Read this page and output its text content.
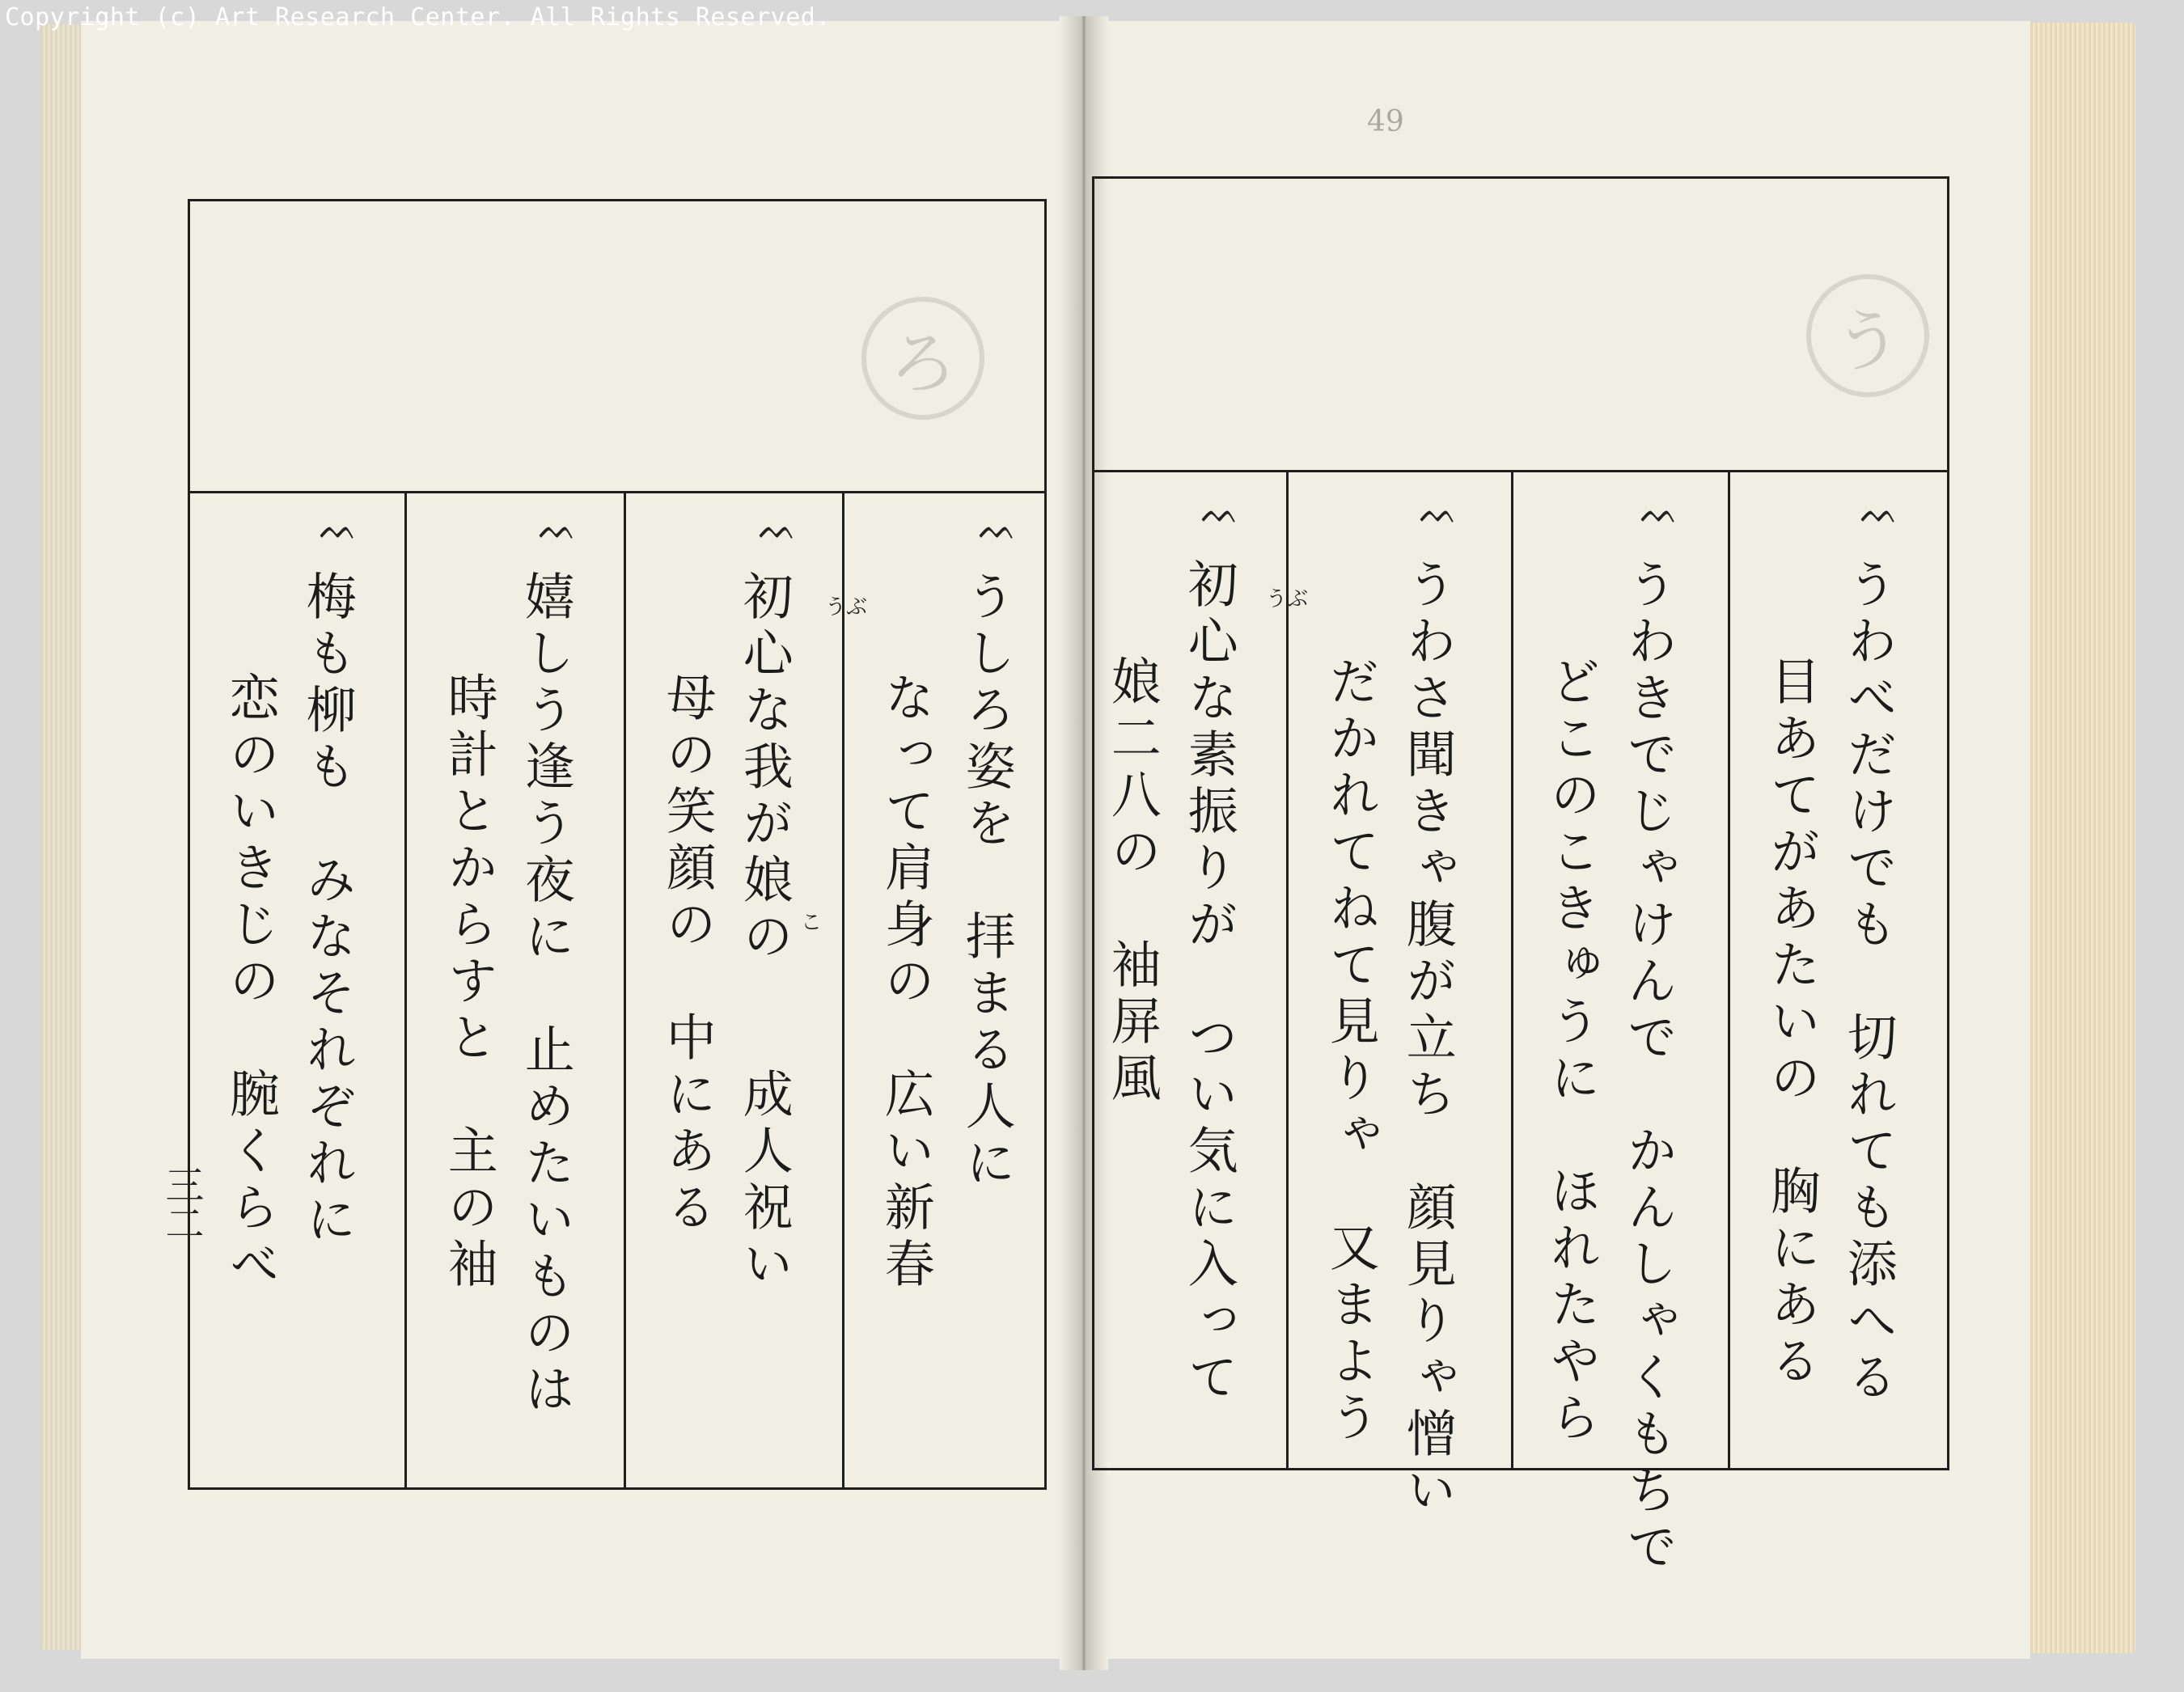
Copyright (c) Art Research Center. All Rights Reserved.
ろ
ᨓ
うしろ姿を　拝まる人に
なって肩身の　広い新春
ᨓ
うぶ
こ
初心な我が娘の
母の笑顔の　中にある 成人祝い
ᨓ
嬉しう逢う夜に　止めたいものは
時計とからすと　主の袖
ᨓ
梅も柳も　みなそれぞれに
恋のいきじの　腕くらべ
三二
49
う
ᨓ
うわべだけでも　切れても添へる
目あてがあたいの　胸にある
ᨓ
うわきでじゃけんで　かんしゃくもちで
どこのこきゅうに　ほれたやら
ᨓ
うわさ聞きゃ腹が立ち　顔見りゃ憎い
だかれてねて見りゃ　又まよう
ᨓ
うぶ
初心な素振りが　つい気に入って
娘二八の　袖屏風
